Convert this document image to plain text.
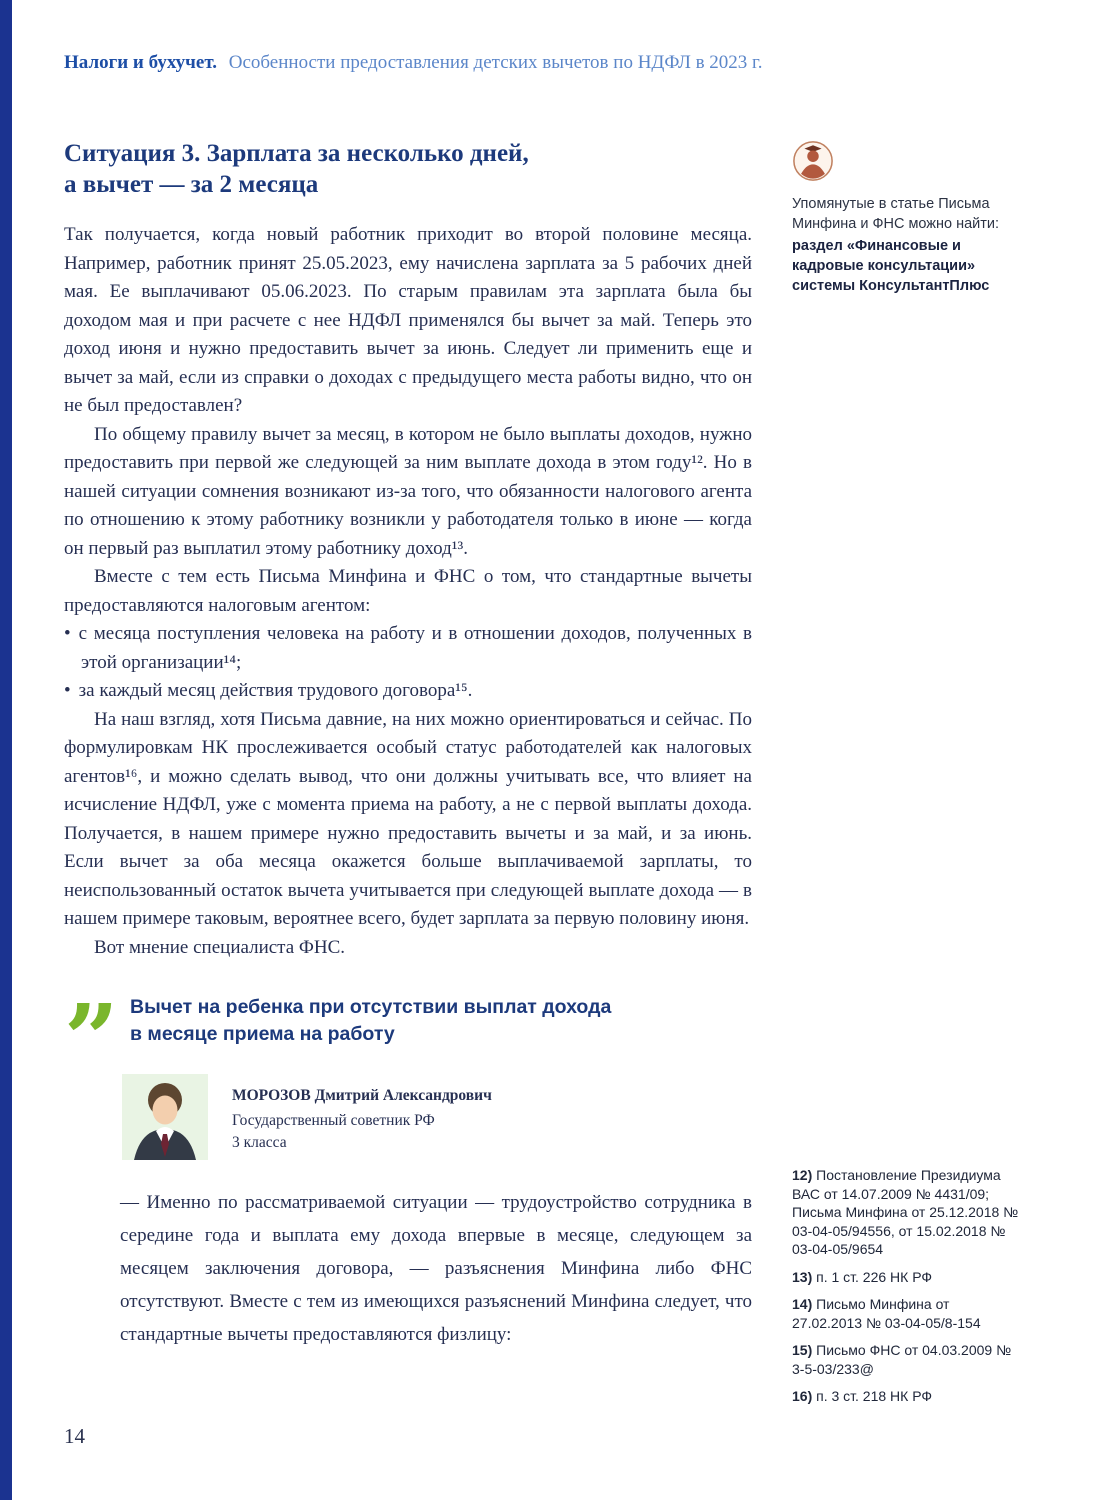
Налоги и бухучет. Особенности предоставления детских вычетов по НДФЛ в 2023 г.
Ситуация 3. Зарплата за несколько дней,
а вычет — за 2 месяца

Так получается, когда новый работник приходит во второй половине месяца. Например, работник принят 25.05.2023, ему начислена зарплата за 5 рабочих дней мая. Ее выплачивают 05.06.2023. По старым правилам эта зарплата была бы доходом мая и при расчете с нее НДФЛ применялся бы вычет за май. Теперь это доход июня и нужно предоставить вычет за июнь. Следует ли применить еще и вычет за май, если из справки о доходах с предыдущего места работы видно, что он не был предоставлен?

По общему правилу вычет за месяц, в котором не было выплаты доходов, нужно предоставить при первой же следующей за ним выплате дохода в этом году¹². Но в нашей ситуации сомнения возникают из-за того, что обязанности налогового агента по отношению к этому работнику возникли у работодателя только в июне — когда он первый раз выплатил этому работнику доход¹³.

Вместе с тем есть Письма Минфина и ФНС о том, что стандартные вычеты предоставляются налоговым агентом:

• с месяца поступления человека на работу и в отношении доходов, полученных в этой организации¹⁴;

• за каждый месяц действия трудового договора¹⁵.

На наш взгляд, хотя Письма давние, на них можно ориентироваться и сейчас. По формулировкам НК прослеживается особый статус работодателей как налоговых агентов¹⁶, и можно сделать вывод, что они должны учитывать все, что влияет на исчисление НДФЛ, уже с момента приема на работу, а не с первой выплаты дохода. Получается, в нашем примере нужно предоставить вычеты и за май, и за июнь. Если вычет за оба месяца окажется больше выплачиваемой зарплаты, то неиспользованный остаток вычета учитывается при следующей выплате дохода — в нашем примере таковым, вероятнее всего, будет зарплата за первую половину июня.

Вот мнение специалиста ФНС.

” Вычет на ребенка при отсутствии выплат дохода
в месяце приема на работу
МОРОЗОВ Дмитрий Александрович
Государственный советник РФ
3 класса

— Именно по рассматриваемой ситуации — трудоустройство сотрудника в середине года и выплата ему дохода впервые в месяце, следующем за месяцем заключения договора, — разъяснения Минфина либо ФНС отсутствуют. Вместе с тем из имеющихся разъяснений Минфина следует, что стандартные вычеты предоставляются физлицу:

Упомянутые в статье Письма Минфина и ФНС можно найти:

раздел «Финансовые и кадровые консультации» системы КонсультантПлюс

12) Постановление Президиума ВАС от 14.07.2009 № 4431/09; Письма Минфина от 25.12.2018 № 03-04-05/94556, от 15.02.2018 № 03-04-05/9654

13) п. 1 ст. 226 НК РФ

14) Письмо Минфина от 27.02.2013 № 03-04-05/8-154

15) Письмо ФНС от 04.03.2009 № 3-5-03/233@

16) п. 3 ст. 218 НК РФ

14
